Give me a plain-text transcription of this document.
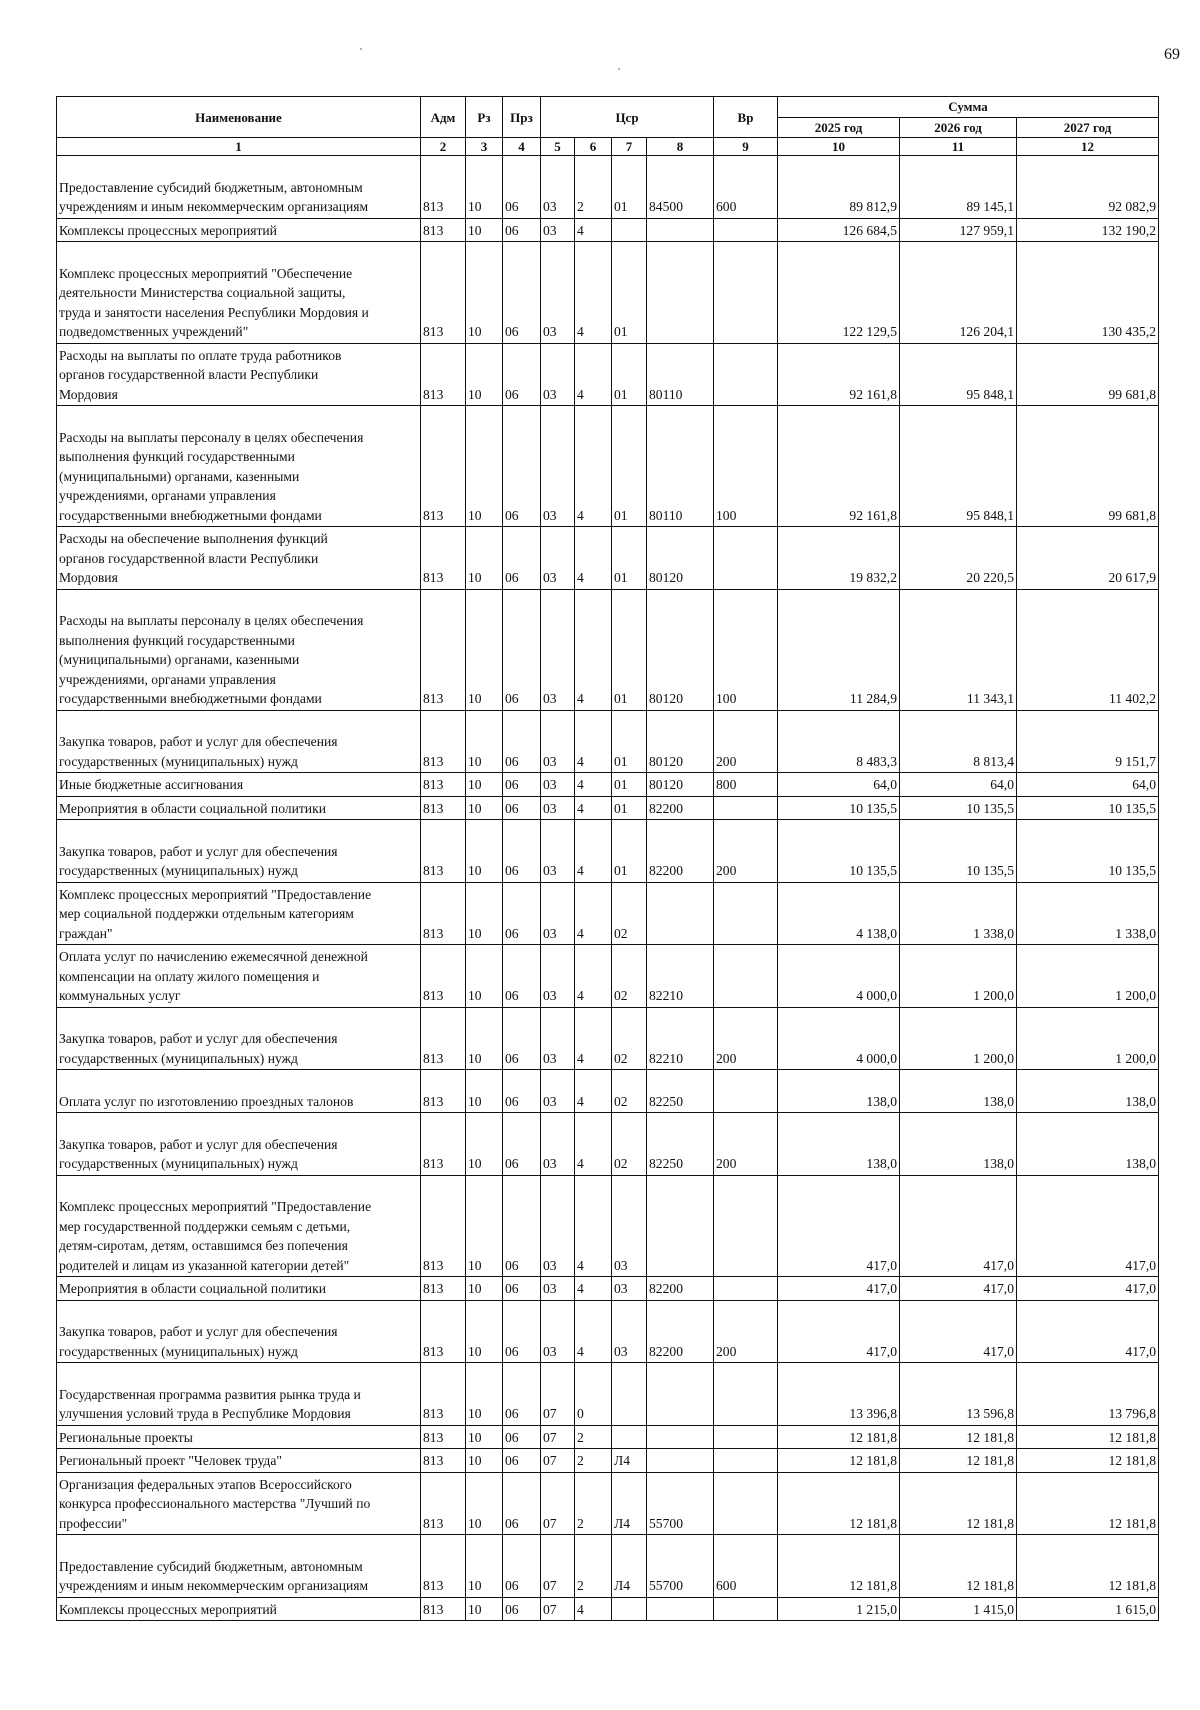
69
Наименование	Адм	Рз	Прз	Цср				Вр	Сумма		
									2025 год	2026 год	2027 год
1	2	3	4	5	6	7	8	9	10	11	12

Предоставление субсидий бюджетным, автономным
учреждениям и иным некоммерческим организациям	813	10	06	03	2	01	84500	600	89 812,9	89 145,1	92 082,9

Комплексы процессных мероприятий	813	10	06	03	4				126 684,5	127 959,1	132 190,2

Комплекс процессных мероприятий "Обеспечение
деятельности Министерства социальной защиты,
труда и занятости населения Республики Мордовия и
подведомственных учреждений"	813	10	06	03	4	01			122 129,5	126 204,1	130 435,2

Расходы на выплаты по оплате труда работников
органов государственной власти Республики
Мордовия	813	10	06	03	4	01	80110		92 161,8	95 848,1	99 681,8

Расходы на выплаты персоналу в целях обеспечения
выполнения функций государственными
(муниципальными) органами, казенными
учреждениями, органами управления
государственными внебюджетными фондами	813	10	06	03	4	01	80110	100	92 161,8	95 848,1	99 681,8

Расходы на обеспечение выполнения функций
органов государственной власти Республики
Мордовия	813	10	06	03	4	01	80120		19 832,2	20 220,5	20 617,9

Расходы на выплаты персоналу в целях обеспечения
выполнения функций государственными
(муниципальными) органами, казенными
учреждениями, органами управления
государственными внебюджетными фондами	813	10	06	03	4	01	80120	100	11 284,9	11 343,1	11 402,2

Закупка товаров, работ и услуг для обеспечения
государственных (муниципальных) нужд	813	10	06	03	4	01	80120	200	8 483,3	8 813,4	9 151,7

Иные бюджетные ассигнования	813	10	06	03	4	01	80120	800	64,0	64,0	64,0

Мероприятия в области социальной политики	813	10	06	03	4	01	82200		10 135,5	10 135,5	10 135,5

Закупка товаров, работ и услуг для обеспечения
государственных (муниципальных) нужд	813	10	06	03	4	01	82200	200	10 135,5	10 135,5	10 135,5

Комплекс процессных мероприятий "Предоставление
мер социальной поддержки отдельным категориям
граждан"	813	10	06	03	4	02			4 138,0	1 338,0	1 338,0

Оплата услуг по начислению ежемесячной денежной
компенсации на оплату жилого помещения и
коммунальных услуг	813	10	06	03	4	02	82210		4 000,0	1 200,0	1 200,0

Закупка товаров, работ и услуг для обеспечения
государственных (муниципальных) нужд	813	10	06	03	4	02	82210	200	4 000,0	1 200,0	1 200,0

Оплата услуг по изготовлению проездных талонов	813	10	06	03	4	02	82250		138,0	138,0	138,0

Закупка товаров, работ и услуг для обеспечения
государственных (муниципальных) нужд	813	10	06	03	4	02	82250	200	138,0	138,0	138,0

Комплекс процессных мероприятий "Предоставление
мер государственной поддержки семьям с детьми,
детям-сиротам, детям, оставшимся без попечения
родителей и лицам из указанной категории детей"	813	10	06	03	4	03			417,0	417,0	417,0

Мероприятия в области социальной политики	813	10	06	03	4	03	82200		417,0	417,0	417,0

Закупка товаров, работ и услуг для обеспечения
государственных (муниципальных) нужд	813	10	06	03	4	03	82200	200	417,0	417,0	417,0

Государственная программа развития рынка труда и
улучшения условий труда в Республике Мордовия	813	10	06	07	0				13 396,8	13 596,8	13 796,8

Региональные проекты	813	10	06	07	2				12 181,8	12 181,8	12 181,8

Региональный проект "Человек труда"	813	10	06	07	2	Л4			12 181,8	12 181,8	12 181,8

Организация федеральных этапов Всероссийского
конкурса профессионального мастерства "Лучший по
профессии"	813	10	06	07	2	Л4	55700		12 181,8	12 181,8	12 181,8

Предоставление субсидий бюджетным, автономным
учреждениям и иным некоммерческим организациям	813	10	06	07	2	Л4	55700	600	12 181,8	12 181,8	12 181,8

Комплексы процессных мероприятий	813	10	06	07	4				1 215,0	1 415,0	1 615,0
